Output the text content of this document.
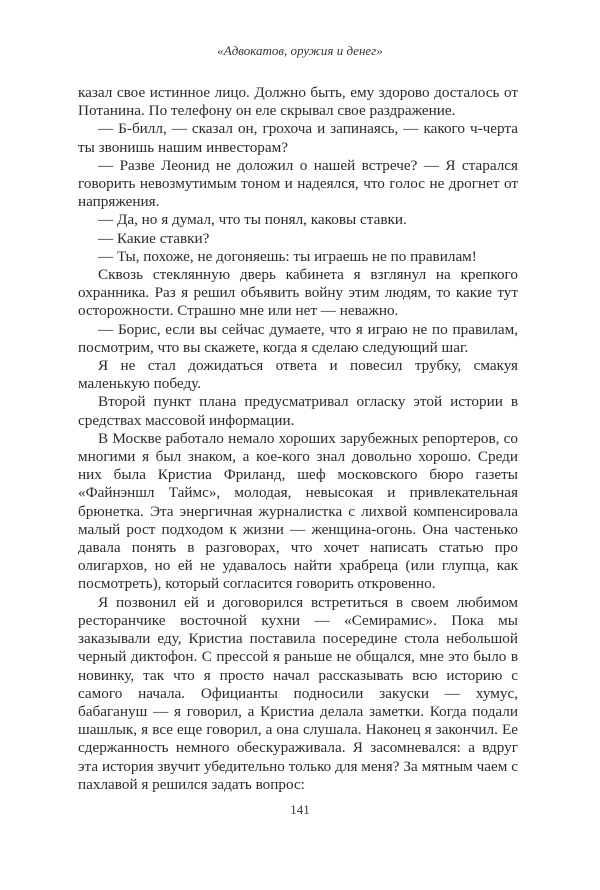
«Адвокатов, оружия и денег»

казал свое истинное лицо. Должно быть, ему здорово досталось от Потанина. По телефону он еле скрывал свое раздражение.

— Б-билл, — сказал он, грохоча и запинаясь, — какого ч-черта ты звонишь нашим инвесторам?

— Разве Леонид не доложил о нашей встрече? — Я старался говорить невозмутимым тоном и надеялся, что голос не дрогнет от напряжения.

— Да, но я думал, что ты понял, каковы ставки.

— Какие ставки?

— Ты, похоже, не догоняешь: ты играешь не по правилам!

Сквозь стеклянную дверь кабинета я взглянул на крепкого охранника. Раз я решил объявить войну этим людям, то какие тут осторожности. Страшно мне или нет — неважно.

— Борис, если вы сейчас думаете, что я играю не по правилам, посмотрим, что вы скажете, когда я сделаю следующий шаг.

Я не стал дожидаться ответа и повесил трубку, смакуя маленькую победу.

Второй пункт плана предусматривал огласку этой истории в средствах массовой информации.

В Москве работало немало хороших зарубежных репортеров, со многими я был знаком, а кое-кого знал довольно хорошо. Среди них была Кристиа Фриланд, шеф московского бюро газеты «Файнэншл Таймс», молодая, невысокая и привлекательная брюнетка. Эта энергичная журналистка с лихвой компенсировала малый рост подходом к жизни — женщина-огонь. Она частенько давала понять в разговорах, что хочет написать статью про олигархов, но ей не удавалось найти храбреца (или глупца, как посмотреть), который согласится говорить откровенно.

Я позвонил ей и договорился встретиться в своем любимом ресторанчике восточной кухни — «Семирамис». Пока мы заказывали еду, Кристиа поставила посередине стола небольшой черный диктофон. С прессой я раньше не общался, мне это было в новинку, так что я просто начал рассказывать всю историю с самого начала. Официанты подносили закуски — хумус, бабагануш — я говорил, а Кристиа делала заметки. Когда подали шашлык, я все еще говорил, а она слушала. Наконец я закончил. Ее сдержанность немного обескураживала. Я засомневался: а вдруг эта история звучит убедительно только для меня? За мятным чаем с пахлавой я решился задать вопрос:

141
